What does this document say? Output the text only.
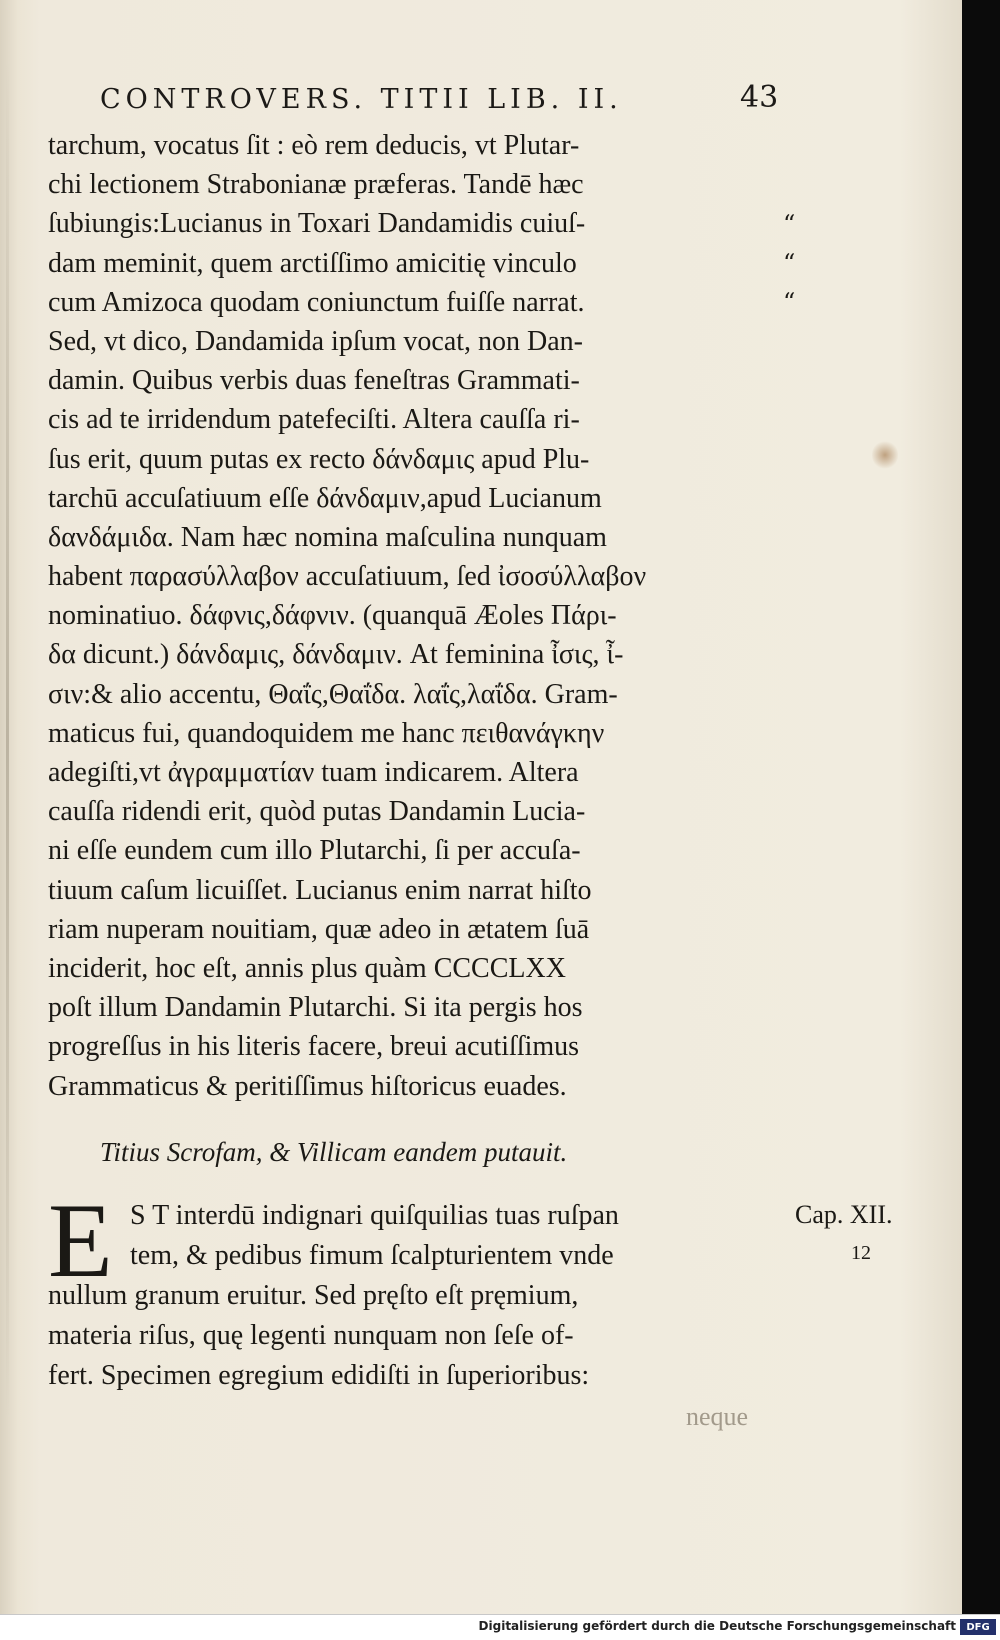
CONTROVERS. TITII LIB. II.	43
tarchum, vocatus ſit : eò rem deducis, vt Plutar-
chi lectionem Strabonianæ præferas. Tandē hæc
ſubiungis:Lucianus in Toxari Dandamidis cuiuſ-
dam meminit, quem arctiſſimo amicitię vinculo
cum Amizoca quodam coniunctum fuiſſe narrat.
Sed, vt dico, Dandamida ipſum vocat, non Dan-
damin. Quibus verbis duas feneſtras Grammati-
cis ad te irridendum patefeciſti. Altera cauſſa ri-
ſus erit, quum putas ex recto δάνδαμις apud Plu-
tarchū accuſatiuum eſſe δάνδαμιν,apud Lucianum
δανδάμιδα. Nam hæc nomina maſculina nunquam
habent παρασύλλαβον accuſatiuum, ſed ἰσοσύλλαβον
nominatiuo. δάφνις,δάφνιν. (quanquā Æoles Πάρι-
δα dicunt.) δάνδαμις, δάνδαμιν. At feminina ἶσις, ἶ-
σιν:& alio accentu, Θαΐς,Θαΐδα. λαΐς,λαΐδα. Gram-
maticus fui, quandoquidem me hanc πειθανάγκην
adegiſti,vt ἀγραμματίαν tuam indicarem. Altera
cauſſa ridendi erit, quòd putas Dandamin Lucia-
ni eſſe eundem cum illo Plutarchi, ſi per accuſa-
tiuum caſum licuiſſet. Lucianus enim narrat hiſto
riam nuperam nouitiam, quæ adeo in ætatem ſuā
inciderit, hoc eſt, annis plus quàm CCCCLXX
poſt illum Dandamin Plutarchi. Si ita pergis hos
progreſſus in his literis facere, breui acutiſſimus
Grammaticus & peritiſſimus hiſtoricus euades.
“
“
“
Titius Scrofam, & Villicam eandem putauit.
E S T interdū indignari quiſquilias tuas ruſpan
tem, & pedibus fimum ſcalpturientem vnde
nullum granum eruitur. Sed pręſto eſt pręmium,
materia riſus, quę legenti nunquam non ſeſe of-
fert. Specimen egregium edidiſti in ſuperioribus:
neque
Cap. XII.
12
Digitalisierung gefördert durch die Deutsche Forschungsgemeinschaft	DFG
